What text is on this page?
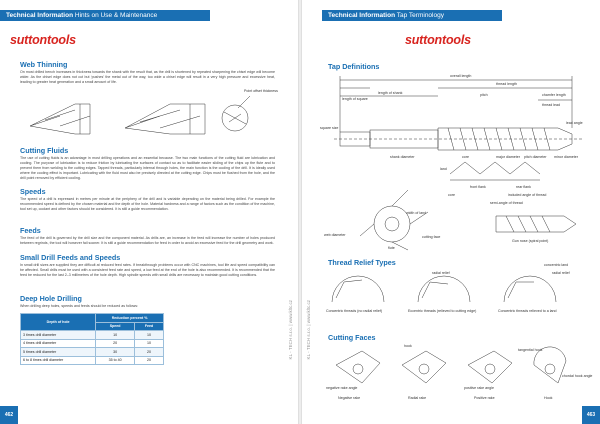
Technical Information Hints on Use & Maintenance
suttontools
Web Thinning
On most drilled bench increases in thickness towards the shank with the result that, as the drill is shortened by repeated sharpening the chisel edge will become wider. As the chisel edge does not cut but ‘pushes’ the metal out of the way, too wide a chisel edge will result in a very high pressure and excessive heat, leading to greater heat generation and a small amount of life.
Point offset thickness
Cutting Fluids
The use of cutting fluids is an advantage in most drilling operations and an essential because. The two main functions of the cutting fluid are lubrication and cooling. The purpose of lubrication is to reduce friction by lubricating the surfaces of contact so as to facilitate easier sliding of the chips up the flute and to prevent them from welding to the cutting edges. Tapped threads, particularly internal through holes, the main function is the cooling of the drill. It is ideally used where the cooling effect is important. Lubricating with the fluid must also be precisely directed at the cutting edge. Chips must be flushed from the hole, and the drill point removed by efficient cooling.
Speeds
The speed of a drill is expressed in metres per minute at the periphery of the drill and is variable depending on the material being drilled. For example the recommended speed is defined by the chosen material and the depth of the hole. Material hardness and a range of factors such as the condition of the machine, tool set up, coolant and other factors should be considered. It is still a guide recommendation.
Feeds
The feed of the drill is governed by the drill size and the component material. As drills are, an increase in the feed will increase the number of holes produced between regrinds, the tool will however fail sooner. It is still a guide recommendation for feed in order to avoid an excessive feed for the drill geometry and work.
Small Drill Feeds and Speeds
In small drill sizes are supplied they are difficult at reduced feed rates. If breakthrough problems occur with CNC machines, tool life and speed compatibility can be affected. Small drills must be used with a consistent feed rate and speed, a low feed at the end of the hole is also recommended. It is recommended that the feed be reduced for the last 2–3 millimetres of the hole depth. High spindle speeds with small drills are necessary to maintain good cutting conditions.
Deep Hole Drilling
When drilling deep holes, speeds and feeds should be reduced as follows:
Depth of hole	Reduction percent %	
	Speed	Feed
3 times drill diameter	10	10
4 times drill diameter	20	10
5 times drill diameter	30	20
6 to 8 times drill diameter	35 to 40	20
KL - TECH s.r.o. | www.kltc.cz
462
Technical Information Tap Terminology
suttontools
Tap Definitions
overall length
length of shank
length of square
thread length
pitch	chamfer length
thread lead
lead angle
square size
shank diameter	core	major diameter pitch diameter minor diameter
land
front flank	rear flank
core	included angle of thread
semi-angle of thread
width of land
web diameter	cutting face
flute
Gun nose (spiral point)
Thread Relief Types
radial relief
concentric land
radial relief
Concentric threads (no radial relief)	Eccentric threads (relieved to cutting edge)	Concentric threads relieved to a land
Cutting Faces
hook
negative rake angle	positive rake angle
tangential hook
chordal hook angle
Negative rake	Radial rake	Positive rake	Hook
KL - TECH s.r.o. | www.kltc.cz
463
